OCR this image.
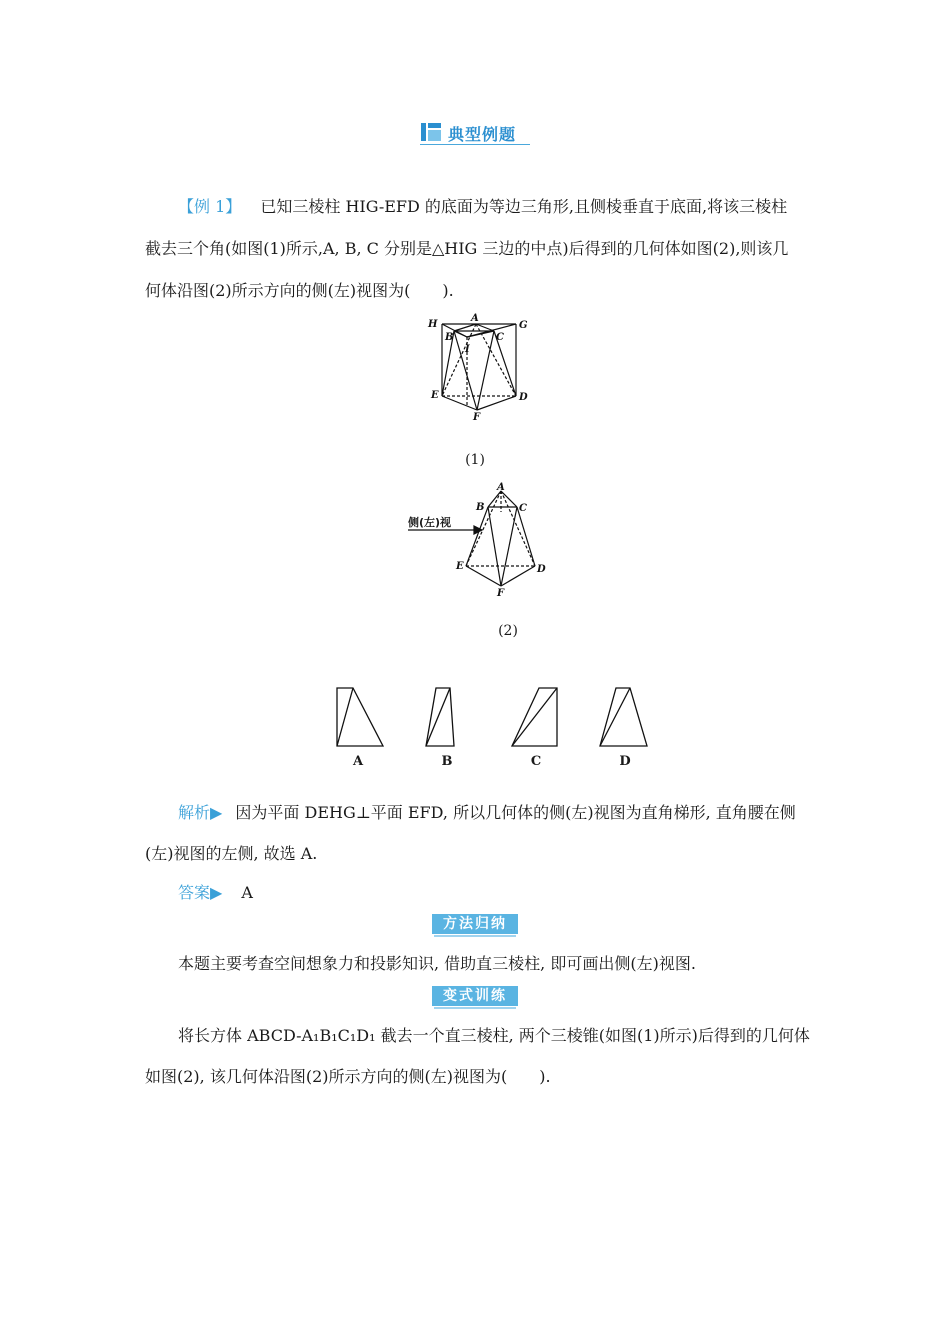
典型例题
【例 1】 已知三棱柱 HIG-EFD 的底面为等边三角形,且侧棱垂直于底面,将该三棱柱
截去三个角(如图(1)所示,A, B, C 分别是△HIG 三边的中点)后得到的几何体如图(2),则该几
何体沿图(2)所示方向的侧(左)视图为(　　).
H
A
G
B	C
I
E	D
F
(1)
侧(左)视
A
B	C
E	D
F
(2)
A	B	C	D
解析▶ 因为平面 DEHG⊥平面 EFD, 所以几何体的侧(左)视图为直角梯形, 直角腰在侧
(左)视图的左侧, 故选 A.
答案▶ A
方法归纳
本题主要考查空间想象力和投影知识, 借助直三棱柱, 即可画出侧(左)视图.
变式训练
将长方体 ABCD-A₁B₁C₁D₁ 截去一个直三棱柱, 两个三棱锥(如图(1)所示)后得到的几何体
如图(2), 该几何体沿图(2)所示方向的侧(左)视图为(　　).
